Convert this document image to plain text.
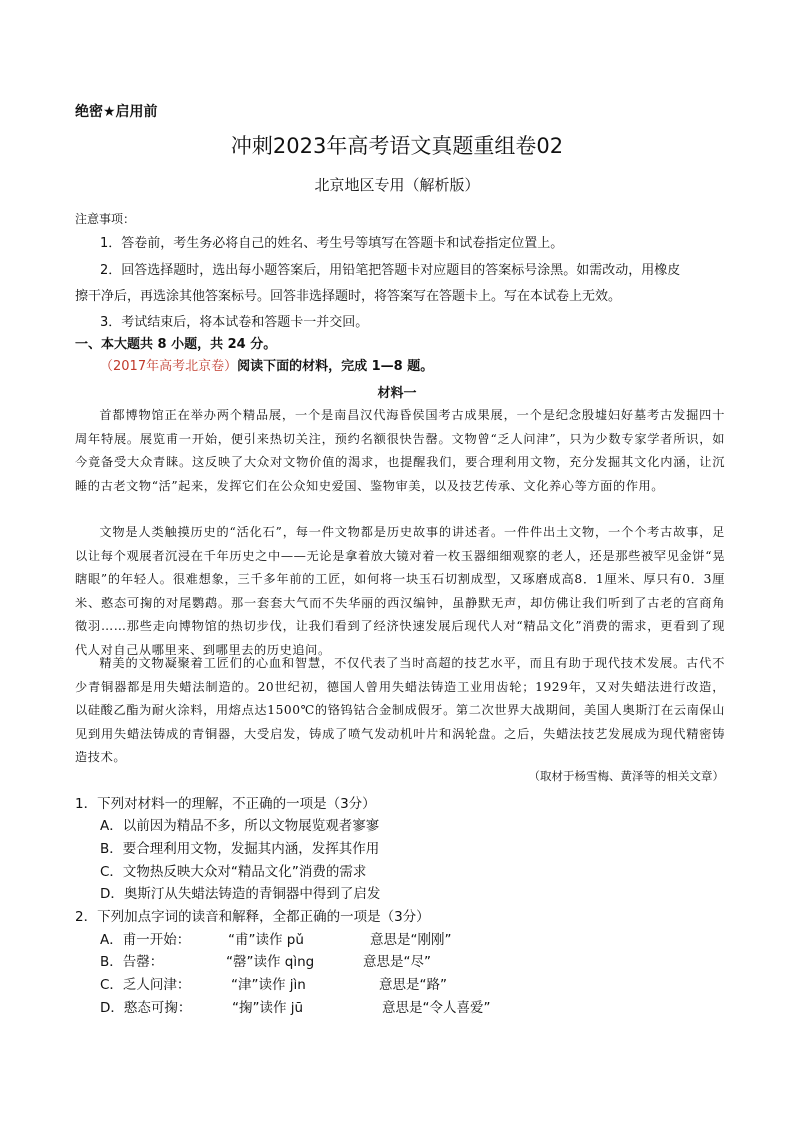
绝密★启用前
冲刺2023年高考语文真题重组卷02
北京地区专用（解析版）
注意事项：
1．答卷前，考生务必将自己的姓名、考生号等填写在答题卡和试卷指定位置上。
2．回答选择题时，选出每小题答案后，用铅笔把答题卡对应题目的答案标号涂黑。如需改动，用橡皮
擦干净后，再选涂其他答案标号。回答非选择题时，将答案写在答题卡上。写在本试卷上无效。
3．考试结束后，将本试卷和答题卡一并交回。
一、本大题共 8 小题，共 24 分。
（2017年高考北京卷）阅读下面的材料，完成 1—8 题。
材料一

首都博物馆正在举办两个精品展，一个是南昌汉代海昏侯国考古成果展，一个是纪念殷墟妇好墓考古发掘四十周年特展。展览甫一开始，便引来热切关注，预约名额很快告罄。文物曾“乏人问津”，只为少数专家学者所识，如今竟备受大众青睐。这反映了大众对文物价值的渴求，也提醒我们，要合理利用文物，充分发掘其文化内涵，让沉睡的古老文物“活”起来，发挥它们在公众知史爱国、鉴物审美，以及技艺传承、文化养心等方面的作用。

文物是人类触摸历史的“活化石”，每一件文物都是历史故事的讲述者。一件件出土文物，一个个考古故事，足以让每个观展者沉浸在千年历史之中——无论是拿着放大镜对着一枚玉器细细观察的老人，还是那些被罕见金饼“晃瞎眼”的年轻人。很难想象，三千多年前的工匠，如何将一块玉石切割成型，又琢磨成高8．1厘米、厚只有0．3厘米、憨态可掬的对尾鹦鹉。那一套套大气而不失华丽的西汉编钟，虽静默无声，却仿佛让我们听到了古老的宫商角徵羽……那些走向博物馆的热切步伐，让我们看到了经济快速发展后现代人对“精品文化”消费的需求，更看到了现代人对自己从哪里来、到哪里去的历史追问。

精美的文物凝聚着工匠们的心血和智慧，不仅代表了当时高超的技艺水平，而且有助于现代技术发展。古代不少青铜器都是用失蜡法制造的。20世纪初，德国人曾用失蜡法铸造工业用齿轮；1929年，又对失蜡法进行改造，以硅酸乙酯为耐火涂料，用熔点达1500℃的铬钨钴合金制成假牙。第二次世界大战期间，美国人奥斯汀在云南保山见到用失蜡法铸成的青铜器，大受启发，铸成了喷气发动机叶片和涡轮盘。之后，失蜡法技艺发展成为现代精密铸造技术。

（取材于杨雪梅、黄泽等的相关文章）
1．下列对材料一的理解，不正确的一项是（3分）
A．以前因为精品不多，所以文物展览观者寥寥
B．要合理利用文物，发掘其内涵，发挥其作用
C．文物热反映大众对“精品文化”消费的需求
D．奥斯汀从失蜡法铸造的青铜器中得到了启发
2．下列加点字词的读音和解释，全都正确的一项是（3分）
A．甫一开始：	“甫”读作 pǔ	意思是“刚刚”
B．告罄：	“罄”读作 qìng	意思是“尽”
C．乏人问津：	“津”读作 jìn	意思是“路”
D．憨态可掬：	“掬”读作 jū	意思是“令人喜爱”
